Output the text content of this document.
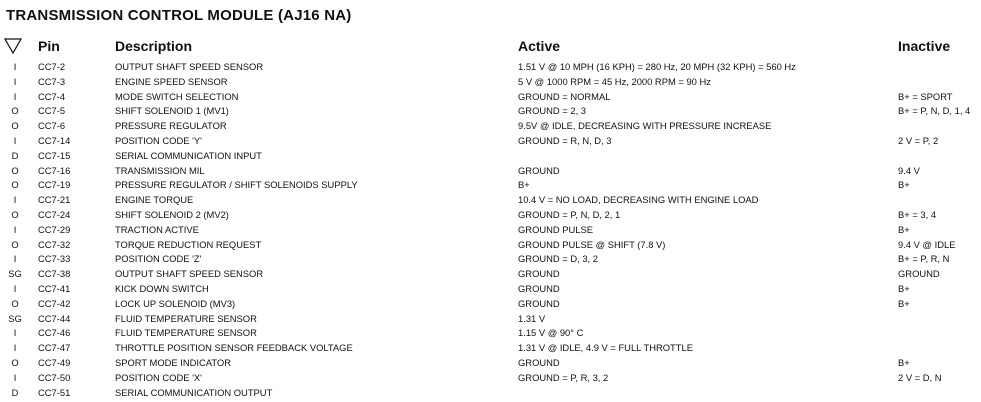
TRANSMISSION CONTROL MODULE (AJ16 NA)
Pin	Description	Active	Inactive
I	CC7-2	OUTPUT SHAFT SPEED SENSOR	1.51 V @ 10 MPH (16 KPH) = 280 Hz, 20 MPH (32 KPH) = 560 Hz
I	CC7-3	ENGINE SPEED SENSOR	5 V @ 1000 RPM = 45 Hz, 2000 RPM = 90 Hz
I	CC7-4	MODE SWITCH SELECTION	GROUND = NORMAL	B+ = SPORT
O	CC7-5	SHIFT SOLENOID 1 (MV1)	GROUND = 2, 3	B+ = P, N, D, 1, 4
O	CC7-6	PRESSURE REGULATOR	9.5V @ IDLE, DECREASING WITH PRESSURE INCREASE
I	CC7-14	POSITION CODE 'Y'	GROUND = R, N, D, 3	2 V = P, 2
D	CC7-15	SERIAL COMMUNICATION INPUT
O	CC7-16	TRANSMISSION MIL	GROUND	9.4 V
O	CC7-19	PRESSURE REGULATOR / SHIFT SOLENOIDS SUPPLY	B+	B+
I	CC7-21	ENGINE TORQUE	10.4 V = NO LOAD, DECREASING WITH ENGINE LOAD
O	CC7-24	SHIFT SOLENOID 2 (MV2)	GROUND = P, N, D, 2, 1	B+ = 3, 4
I	CC7-29	TRACTION ACTIVE	GROUND PULSE	B+
O	CC7-32	TORQUE REDUCTION REQUEST	GROUND PULSE @ SHIFT (7.8 V)	9.4 V @ IDLE
I	CC7-33	POSITION CODE 'Z'	GROUND = D, 3, 2	B+ = P, R, N
SG CC7-38	OUTPUT SHAFT SPEED SENSOR	GROUND	GROUND
I	CC7-41	KICK DOWN SWITCH	GROUND	B+
O	CC7-42	LOCK UP SOLENOID (MV3)	GROUND	B+
SG CC7-44	FLUID TEMPERATURE SENSOR	1.31 V
I	CC7-46	FLUID TEMPERATURE SENSOR	1.15 V @ 90° C
I	CC7-47	THROTTLE POSITION SENSOR FEEDBACK VOLTAGE	1.31 V @ IDLE, 4.9 V = FULL THROTTLE
O	CC7-49	SPORT MODE INDICATOR	GROUND	B+
I	CC7-50	POSITION CODE 'X'	GROUND = P, R, 3, 2	2 V = D, N
D	CC7-51	SERIAL COMMUNICATION OUTPUT
